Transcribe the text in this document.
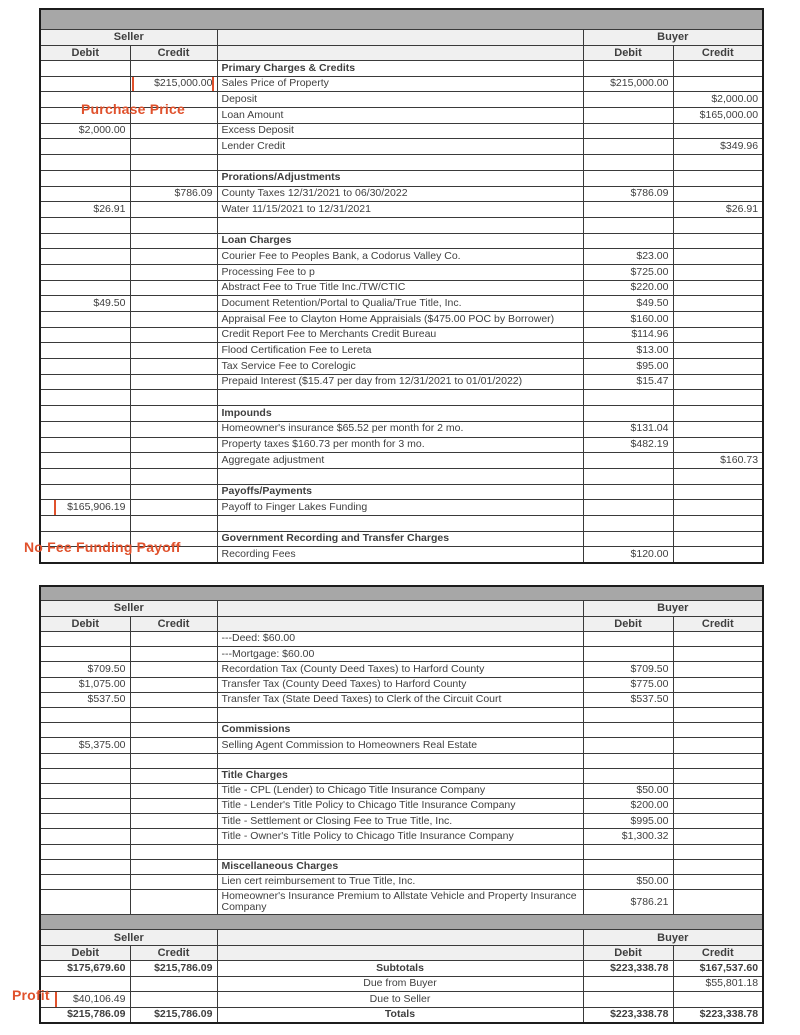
Seller			Buyer	
Debit	Credit		Debit	Credit
		Primary Charges & Credits		
	$215,000.00	Sales Price of Property	$215,000.00	
		Deposit		$2,000.00
		Loan Amount		$165,000.00
$2,000.00		Excess Deposit		
		Lender Credit		$349.96

		Prorations/Adjustments		
	$786.09	County Taxes 12/31/2021 to 06/30/2022	$786.09	
$26.91		Water 11/15/2021 to 12/31/2021		$26.91

		Loan Charges		
		Courier Fee to Peoples Bank, a Codorus Valley Co.	$23.00	
		Processing Fee to p	$725.00	
		Abstract Fee to True Title Inc./TW/CTIC	$220.00	
$49.50		Document Retention/Portal to Qualia/True Title, Inc.	$49.50	
		Appraisal Fee to Clayton Home Appraisials ($475.00 POC by Borrower)	$160.00	
		Credit Report Fee to Merchants Credit Bureau	$114.96	
		Flood Certification Fee to Lereta	$13.00	
		Tax Service Fee to Corelogic	$95.00	
		Prepaid Interest ($15.47 per day from 12/31/2021 to 01/01/2022)	$15.47	

		Impounds		
		Homeowner's insurance $65.52 per month for 2 mo.	$131.04	
		Property taxes $160.73 per month for 3 mo.	$482.19	
		Aggregate adjustment		$160.73

		Payoffs/Payments		
$165,906.19		Payoff to Finger Lakes Funding		

		Government Recording and Transfer Charges		
		Recording Fees	$120.00	

Seller			Buyer	
Debit	Credit		Debit	Credit
		---Deed: $60.00		
		---Mortgage: $60.00		
$709.50		Recordation Tax (County Deed Taxes) to Harford County	$709.50	
$1,075.00		Transfer Tax (County Deed Taxes) to Harford County	$775.00	
$537.50		Transfer Tax (State Deed Taxes) to Clerk of the Circuit Court	$537.50	

		Commissions		
$5,375.00		Selling Agent Commission to Homeowners Real Estate		

		Title Charges		
		Title - CPL (Lender) to Chicago Title Insurance Company	$50.00	
		Title - Lender's Title Policy to Chicago Title Insurance Company	$200.00	
		Title - Settlement or Closing Fee to True Title, Inc.	$995.00	
		Title - Owner's Title Policy to Chicago Title Insurance Company	$1,300.32	

		Miscellaneous Charges		
		Lien cert reimbursement to True Title, Inc.	$50.00	
		Homeowner's Insurance Premium to Allstate Vehicle and Property Insurance Company	$786.21	

Seller			Buyer	
Debit	Credit		Debit	Credit
$175,679.60	$215,786.09	Subtotals	$223,338.78	$167,537.60
		Due from Buyer		$55,801.18
$40,106.49		Due to Seller		
$215,786.09	$215,786.09	Totals	$223,338.78	$223,338.78
Purchase Price
No Fee Funding Payoff
Profit
